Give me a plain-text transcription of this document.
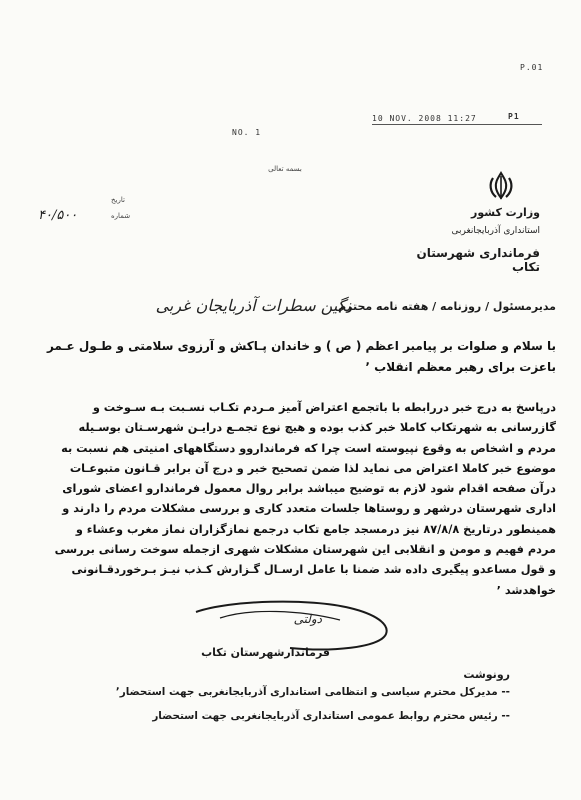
P.01
10 NOV. 2008 11:27	P1
NO. 1
بسمه تعالی
وزارت کشور
استانداری آذربایجانغربی
فرمانداری شهرستان تکاب
تاریخ
شماره
۴۰/۵۰۰
مدیرمسئول / روزنامه / هفته نامه محترم
نگین سطرات آذربایجان غربی

با سلام و صلوات بر پیامبر اعظم ( ص ) و خاندان پـاکش و آرزوی سلامتی و طـول عـمر

باعزت برای رهبر معظم انقلاب ٬

درپاسخ به درج خبر دررابطه با باتجمع اعتراض آمیز مـردم تکـاب نسـبت بـه سـوخت و

گازرسانی به شهرتکاب کاملا خبر کذب بوده و هیچ نوع تجمـع درایـن شهرسـتان بوسـیله

مردم و اشخاص به وقوع نپیوسته است چرا که فرمانداروو دستگاههای امنیتی هم نسبت به

موضوع خبر کاملا اعتراض می نماید لذا ضمن تصحیح خبر و درج آن برابر قـانون متبوعـات

درآن صفحه اقدام شود لازم به توضیح میباشد برابر روال معمول فرماندارو اعضای شورای

اداری شهرستان درشهر و روستاها جلسات متعدد کاری و بررسی مشکلات مردم را دارند و

همینطور درتاریخ ۸۷/۸/۸ نیز درمسجد جامع تکاب درجمع نمازگزاران نماز مغرب وعشاء و

مردم فهیم و مومن و انقلابی این شهرستان مشکلات شهری ازجمله سوخت رسانی بررسی

و قول مساعدو پیگیری داده شد ضمنا با عامل ارسـال گـزارش کـذب نیـز بـرخوردقـانونی

خواهدشد ٬

دولتی
فرماندارشهرستان تکاب
رونوشت
-- مدیرکل محترم سیاسی و انتظامی استانداری آذربایجانغربی جهت استحضار٬
-- رئیس محترم روابط عمومی استانداری آذربایجانغربی جهت استحضار
